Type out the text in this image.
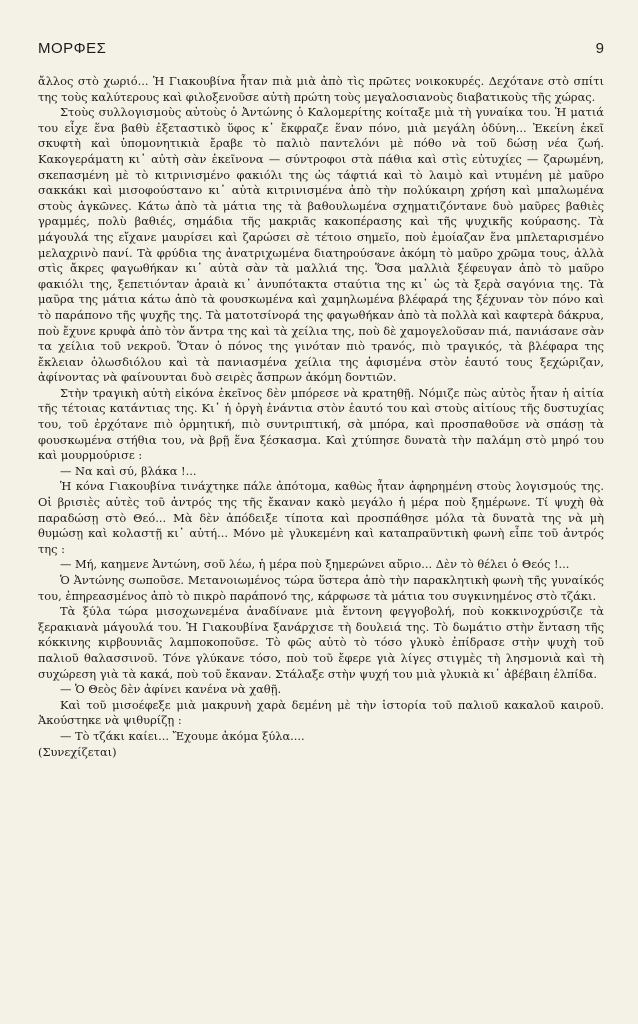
ΜΟΡΦΕΣ	9

ἄλλος στὸ χωριό... Ἡ Γιακουβίνα ἦταν πιὰ μιὰ ἀπὸ τὶς πρῶτες νοικοκυρές. Δεχότανε στὸ σπίτι της τοὺς καλύτερους καὶ φιλοξενοῦσε αὐτὴ πρώτη τοὺς μεγαλοσιανοὺς διαβατικοὺς τῆς χώρας.

Στοὺς συλλογισμοὺς αὐτοὺς ὁ Ἀντώνης ὁ Καλομερίτης κοίταξε μιὰ τὴ γυναίκα του. Ἡ ματιά του εἶχε ἕνα βαθὺ ἐξεταστικὸ ὕφος κ᾿ ἔκφραζε ἕναν πόνο, μιὰ μεγάλη ὀδύνη... Ἐκείνη ἐκεῖ σκυφτὴ καὶ ὑπομονητικιὰ ἔραβε τὸ παλιὸ παντελόνι μὲ πόθο νὰ τοῦ δώσῃ νέα ζωή. Κακογεράματη κι᾿ αὐτὴ σὰν ἐκεῖνονα — σύντροφοι στὰ πάθια καὶ στὶς εὐτυχίες — ζαρωμένη, σκεπασμένη μὲ τὸ κιτρινισμένο φακιόλι της ὡς τάφτιά καὶ τὸ λαιμὸ καὶ ντυμένη μὲ μαῦρο σακκάκι καὶ μισοφούστανο κι᾿ αὐτὰ κιτρινισμένα ἀπὸ τὴν πολύκαιρη χρήση καὶ μπαλωμένα στοὺς ἀγκῶνες. Κάτω ἀπὸ τὰ μάτια της τὰ βαθουλωμένα σχηματιζόντανε δυὸ μαῦρες βαθιὲς γραμμές, πολὺ βαθιές, σημάδια τῆς μακριᾶς κακοπέρασης καὶ τῆς ψυχικῆς κούρασης. Τὰ μάγουλά της εἴχανε μαυρίσει καὶ ζαρώσει σὲ τέτοιο σημεῖο, ποὺ ἐμοίαζαν ἕνα μπλεταρισμένο μελαχρινὸ πανί. Τὰ φρύδια της ἀνατριχωμένα διατηρούσανε ἀκόμη τὸ μαῦρο χρῶμα τους, ἀλλὰ στὶς ἄκρες φαγωθήκαν κι᾿ αὐτὰ σὰν τὰ μαλλιά της. Ὅσα μαλλιὰ ξέφευγαν ἀπὸ τὸ μαῦρο φακιόλι της, ξεπετιόνταν ἀραιὰ κι᾿ ἀνυπότακτα σταύτια της κι᾿ ὡς τὰ ξερὰ σαγόνια της. Τὰ μαῦρα της μάτια κάτω ἀπὸ τὰ φουσκωμένα καὶ χαμηλωμένα βλέφαρά της ξέχυναν τὸν πόνο καὶ τὸ παράπονο τῆς ψυχῆς της. Τὰ ματοτσίνορά της φαγωθήκαν ἀπὸ τὰ πολλὰ καὶ καφτερὰ δάκρυα, ποὺ ἔχυνε κρυφὰ ἀπὸ τὸν ἄντρα της καὶ τὰ χείλια της, ποὺ δὲ χαμογελοῦσαν πιά, πανιάσανε σὰν τα χείλια τοῦ νεκροῦ. Ὅταν ὁ πόνος της γινόταν πιὸ τρανός, πιὸ τραγικός, τὰ βλέφαρα της ἔκλειαν ὁλωσδιόλου καὶ τὰ πανιασμένα χείλια της ἀφισμένα στὸν ἑαυτό τους ξεχώριζαν, ἀφίνοντας νὰ φαίνουνται δυὸ σειρὲς ἄσπρων ἀκόμη δοντιῶν.

Στὴν τραγικὴ αὐτὴ εἰκόνα ἐκεῖνος δὲν μπόρεσε νὰ κρατηθῇ. Νόμιζε πὼς αὐτὸς ἦταν ἡ αἰτία τῆς τέτοιας κατάντιας της. Κι᾿ ἡ ὀργὴ ἐνάντια στὸν ἑαυτό του καὶ στοὺς αἰτίους τῆς δυστυχίας του, τοῦ ἐρχότανε πιὸ ὁρμητική, πιὸ συντριπτική, σὰ μπόρα, καὶ προσπαθοῦσε νὰ σπάσῃ τὰ φουσκωμένα στήθια του, νὰ βρῇ ἕνα ξέσκασμα. Καὶ χτύπησε δυνατὰ τὴν παλάμη στὸ μηρό του καὶ μουρμούρισε :

— Να καὶ σύ, βλάκα !...

Ἡ κόνα Γιακουβίνα τινάχτηκε πάλε ἀπότομα, καθὼς ἦταν ἀφηρημένη στοὺς λογισμούς της. Οἱ βρισιὲς αὐτὲς τοῦ ἀντρός της τῆς ἔκαναν κακὸ μεγάλο ἡ μέρα ποὺ ξημέρωνε. Τί ψυχὴ θὰ παραδώσῃ στὸ Θεό... Μὰ δὲν ἀπόδειξε τίποτα καὶ προσπάθησε μόλα τὰ δυνατὰ της νὰ μὴ θυμώσῃ καὶ κολαστῇ κι᾿ αὐτή... Μόνο μὲ γλυκεμένη καὶ καταπραϋντικὴ φωνὴ εἶπε τοῦ ἀντρός της :

— Μή, καημενε Ἀντώνη, σοῦ λέω, ἡ μέρα ποὺ ξημερώνει αὔριο... Δὲν τὸ θέλει ὁ Θεός !...

Ὁ Ἀντώνης σωποῦσε. Μετανοιωμένος τώρα ὕστερα ἀπὸ τὴν παρακλητικὴ φωνὴ τῆς γυναίκός του, ἐπηρεασμένος ἀπὸ τὸ πικρὸ παράπονό της, κάρφωσε τὰ μάτια του συγκινημένος στὸ τζάκι.

Τὰ ξύλα τώρα μισοχωνεμένα ἀναδίνανε μιὰ ἔντονη φεγγοβολή, ποὺ κοκκινοχρύσιζε τὰ ξερακιανὰ μάγουλά του. Ἡ Γιακουβίνα ξανάρχισε τὴ δουλειά της. Τὸ δωμάτιο στὴν ἔνταση τῆς κόκκινης κιρβουνιᾶς λαμποκοποῦσε. Τὸ φῶς αὐτὸ τὸ τόσο γλυκὸ ἐπίδρασε στὴν ψυχὴ τοῦ παλιοῦ θαλασσινοῦ. Τόνε γλύκανε τόσο, ποὺ τοῦ ἔφερε γιὰ λίγες στιγμὲς τὴ λησμονιὰ καὶ τὴ συχώρεση γιὰ τὰ κακά, ποὺ τοῦ ἔκαναν. Στάλαξε στὴν ψυχή του μιὰ γλυκιὰ κι᾿ ἀβέβαιη ἐλπίδα.

— Ὁ Θεὸς δὲν ἀφίνει κανένα νὰ χαθῇ.

Καὶ τοῦ μισοέφεξε μιὰ μακρυνὴ χαρὰ δεμένη μὲ τὴν ἱστορία τοῦ παλιοῦ κακαλοῦ καιροῦ. Ἀκούστηκε νὰ ψιθυρίζῃ :

— Τὸ τζάκι καίει... Ἔχουμε ἀκόμα ξύλα....

(Συνεχίζεται)
